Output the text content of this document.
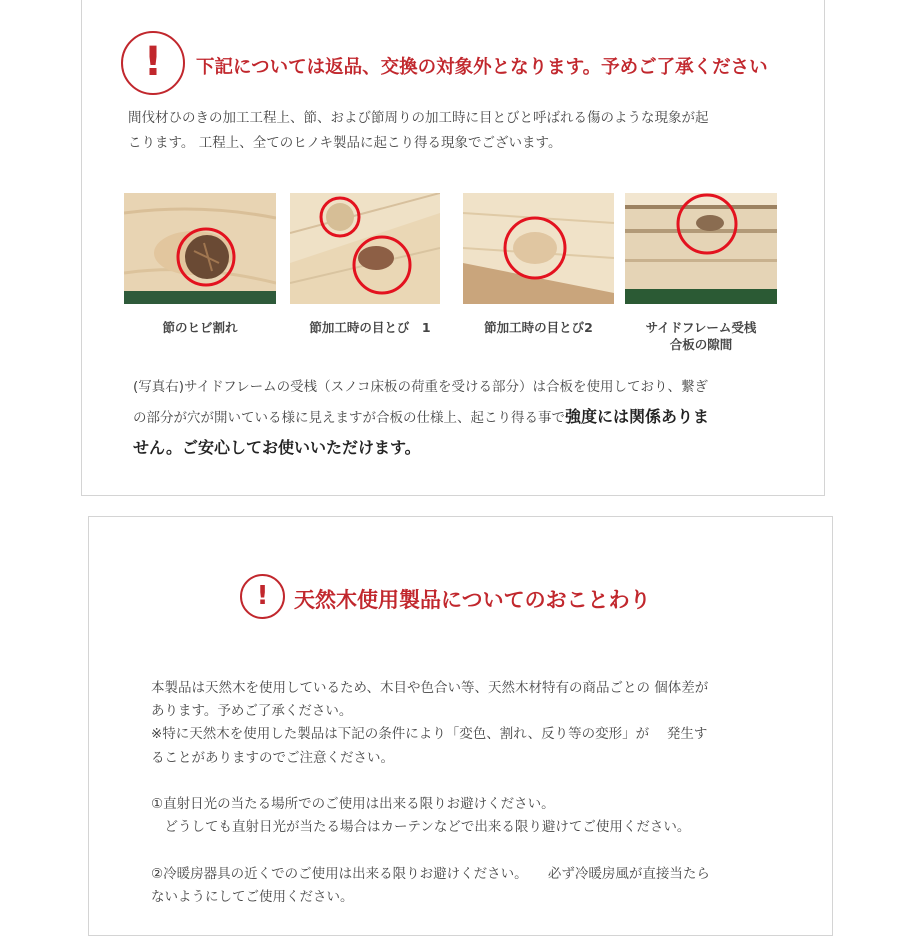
!	下記については返品、交換の対象外となります。予めご了承ください

間伐材ひのきの加工工程上、節、および節周りの加工時に目とびと呼ばれる傷のような現象が起
こります。 工程上、全てのヒノキ製品に起こり得る現象でございます。

節のヒビ割れ	節加工時の目とび　1	節加工時の目とび2	サイドフレーム受桟
合板の隙間

(写真右)サイドフレームの受桟（スノコ床板の荷重を受ける部分）は合板を使用しており、繋ぎ
の部分が穴が開いている様に見えますが合板の仕様上、起こり得る事で強度には関係ありま
せん。ご安心してお使いいただけます。

!	天然木使用製品についてのおことわり

本製品は天然木を使用しているため、木目や色合い等、天然木材特有の商品ごとの 個体差が
あります。予めご了承ください。
※特に天然木を使用した製品は下記の条件により「変色、割れ、反り等の変形」が　 発生す
ることがありますのでご注意ください。
①直射日光の当たる場所でのご使用は出来る限りお避けください。
　どうしても直射日光が当たる場合はカーテンなどで出来る限り避けてご使用ください。
②冷暖房器具の近くでのご使用は出来る限りお避けください。　　必ず冷暖房風が直接当たら
ないようにしてご使用ください。
